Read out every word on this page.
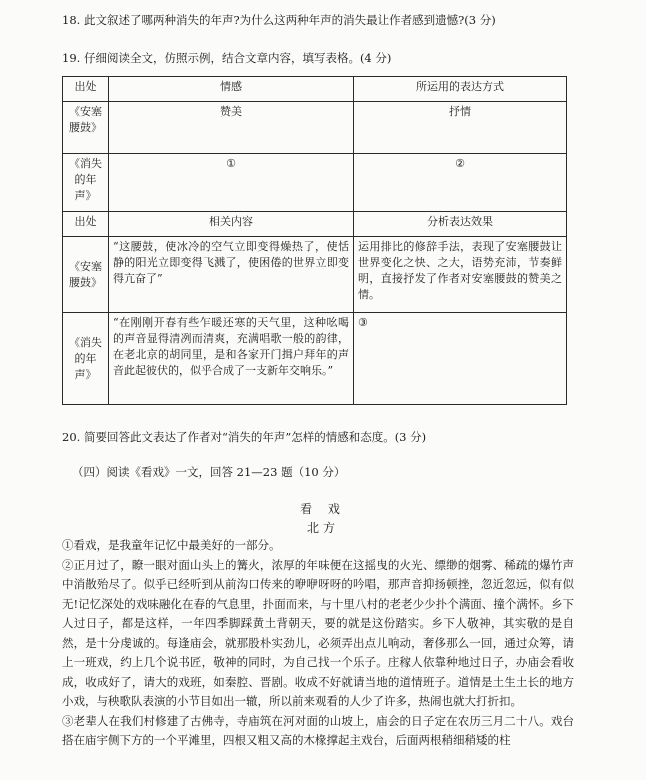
18. 此文叙述了哪两种消失的年声?为什么这两种年声的消失最让作者感到遗憾?(3 分)
19. 仔细阅读全文，仿照示例，结合文章内容，填写表格。(4 分)
出处	情感	所运用的表达方式
《安塞腰鼓》	赞美	抒情
《消失的年声》	①	②
出处	相关内容	分析表达效果
《安塞腰鼓》	“这腰鼓，使冰冷的空气立即变得燥热了，使恬静的阳光立即变得飞溅了，使困倦的世界立即变得亢奋了”	运用排比的修辞手法，表现了安塞腰鼓让世界变化之快、之大，语势充沛，节奏鲜明，直接抒发了作者对安塞腰鼓的赞美之情。
《消失的年声》	“在刚刚开春有些乍暖还寒的天气里，这种吆喝的声音显得清冽而清爽，充满唱歌一般的韵律，在老北京的胡同里，是和各家开门揖户拜年的声音此起彼伏的，似乎合成了一支新年交响乐。”	③
20. 简要回答此文表达了作者对“消失的年声”怎样的情感和态度。(3 分)
（四）阅读《看戏》一文，回答 21—23 题（10 分）
看 戏
北方

①看戏，是我童年记忆中最美好的一部分。

②正月过了，瞭一眼对面山头上的篝火，浓厚的年味便在这摇曳的火光、缥缈的烟雾、稀疏的爆竹声中消散殆尽了。似乎已经听到从前沟口传来的咿咿呀呀的吟唱，那声音抑扬顿挫，忽近忽远，似有似无!记忆深处的戏味融化在春的气息里，扑面而来，与十里八村的老老少少扑个满面、撞个满怀。乡下人过日子，都是这样，一年四季脚踩黄土背朝天，要的就是这份踏实。乡下人敬神，其实敬的是自然，是十分虔诚的。每逢庙会，就那股朴实劲儿，必须弄出点儿响动，奢侈那么一回，通过众筹，请上一班戏，约上几个说书匠，敬神的同时，为自己找一个乐子。庄稼人依靠种地过日子，办庙会看收成，收成好了，请大的戏班，如秦腔、晋剧。收成不好就请当地的道情班子。道情是土生土长的地方小戏，与秧歌队表演的小节目如出一辙，所以前来观看的人少了许多，热闹也就大打折扣。

③老辈人在我们村修建了古佛寺，寺庙筑在河对面的山坡上，庙会的日子定在农历三月二十八。戏台搭在庙宇侧下方的一个平滩里，四根又粗又高的木椽撑起主戏台，后面两根稍细稍矮的柱
